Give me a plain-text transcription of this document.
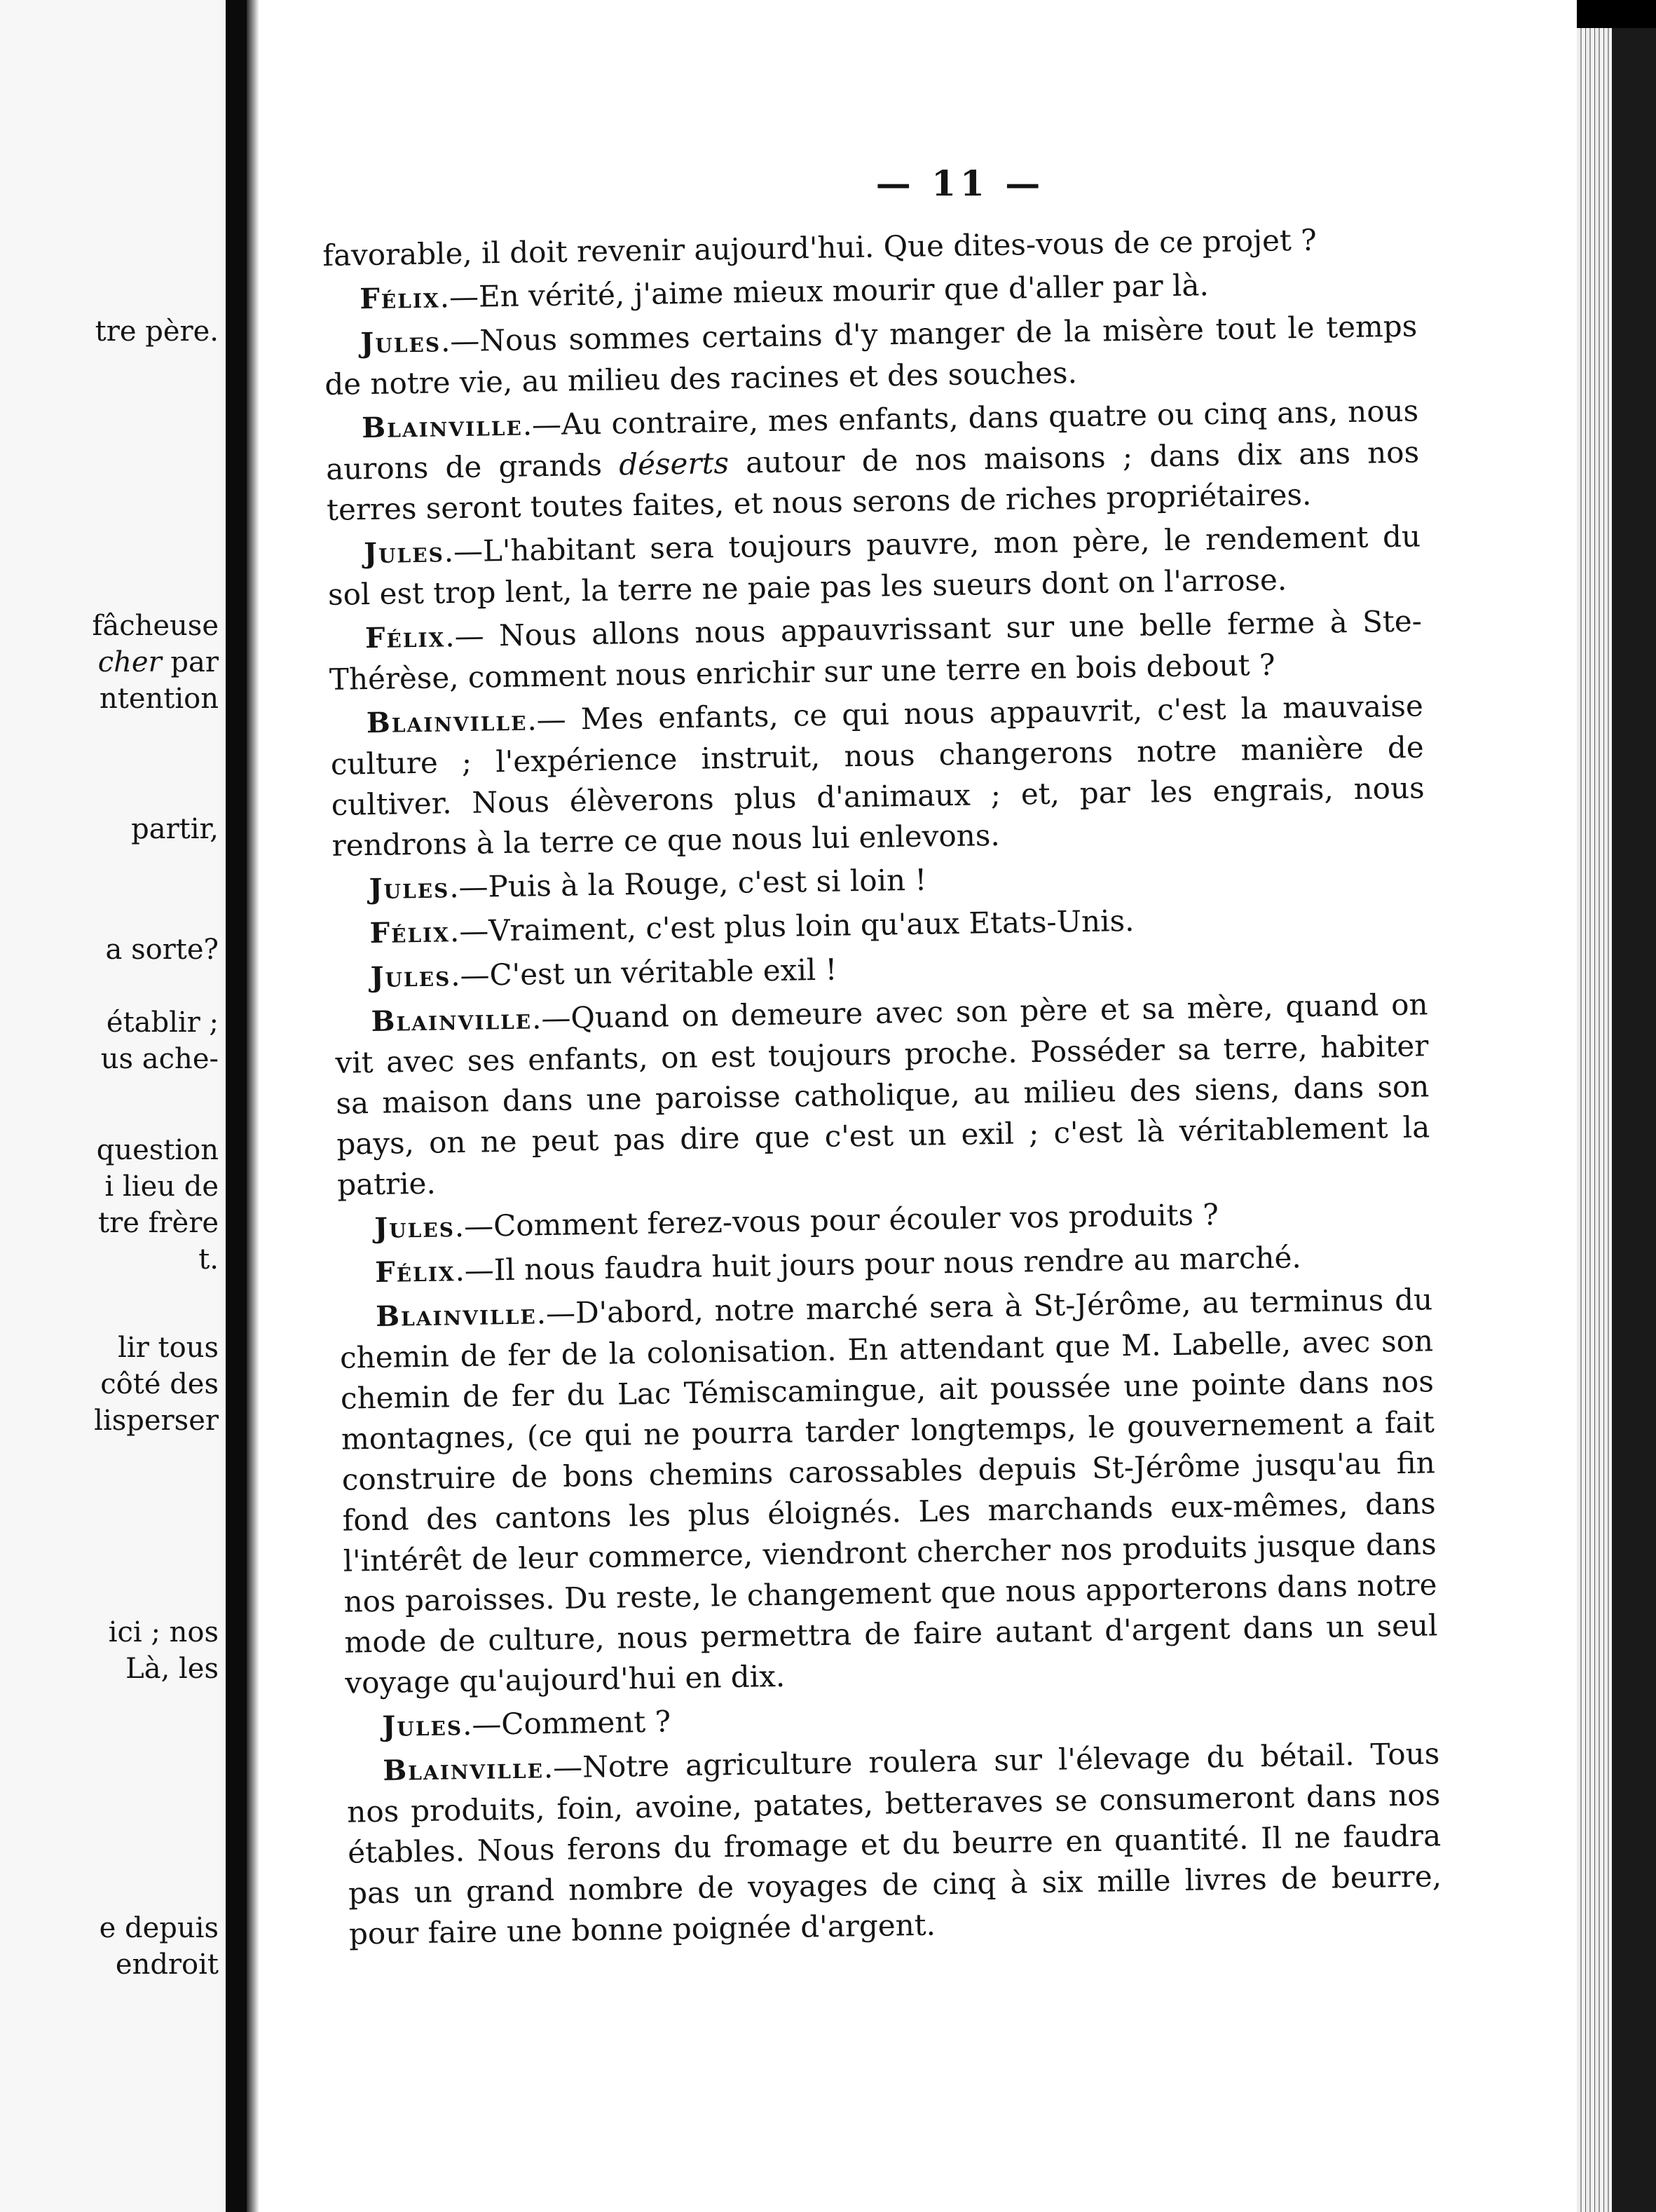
tre père.
fâcheuse
cher par
ntention
partir,
a sorte?
établir ;
us ache-
question
i lieu de
tre frère
t.
lir tous
côté des
lisperser
ici ; nos
Là, les
e depuis
endroit
— 11 —

favorable, il doit revenir aujourd'hui. Que dites-vous de ce projet ?

Félix.—En vérité, j'aime mieux mourir que d'aller par là.

Jules.—Nous sommes certains d'y manger de la misère tout le temps de notre vie, au milieu des racines et des souches.

Blainville.—Au contraire, mes enfants, dans quatre ou cinq ans, nous aurons de grands déserts autour de nos maisons ; dans dix ans nos terres seront toutes faites, et nous serons de riches propriétaires.

Jules.—L'habitant sera toujours pauvre, mon père, le rendement du sol est trop lent, la terre ne paie pas les sueurs dont on l'arrose.

Félix.— Nous allons nous appauvrissant sur une belle ferme à Ste-Thérèse, comment nous enrichir sur une terre en bois debout ?

Blainville.— Mes enfants, ce qui nous appauvrit, c'est la mauvaise culture ; l'expérience instruit, nous changerons notre manière de cultiver. Nous élèverons plus d'animaux ; et, par les engrais, nous rendrons à la terre ce que nous lui enlevons.

Jules.—Puis à la Rouge, c'est si loin !

Félix.—Vraiment, c'est plus loin qu'aux Etats-Unis.

Jules.—C'est un véritable exil !

Blainville.—Quand on demeure avec son père et sa mère, quand on vit avec ses enfants, on est toujours proche. Posséder sa terre, habiter sa maison dans une paroisse catholique, au milieu des siens, dans son pays, on ne peut pas dire que c'est un exil ; c'est là véritablement la patrie.

Jules.—Comment ferez-vous pour écouler vos produits ?

Félix.—Il nous faudra huit jours pour nous rendre au marché.

Blainville.—D'abord, notre marché sera à St-Jérôme, au terminus du chemin de fer de la colonisation. En attendant que M. Labelle, avec son chemin de fer du Lac Témiscamingue, ait poussée une pointe dans nos montagnes, (ce qui ne pourra tarder longtemps, le gouvernement a fait construire de bons chemins carossables depuis St-Jérôme jusqu'au fin fond des cantons les plus éloignés. Les marchands eux-mêmes, dans l'intérêt de leur commerce, viendront chercher nos produits jusque dans nos paroisses. Du reste, le changement que nous apporterons dans notre mode de culture, nous permettra de faire autant d'argent dans un seul voyage qu'aujourd'hui en dix.

Jules.—Comment ?

Blainville.—Notre agriculture roulera sur l'élevage du bétail. Tous nos produits, foin, avoine, patates, betteraves se consumeront dans nos étables. Nous ferons du fromage et du beurre en quantité. Il ne faudra pas un grand nombre de voyages de cinq à six mille livres de beurre, pour faire une bonne poignée d'argent.
